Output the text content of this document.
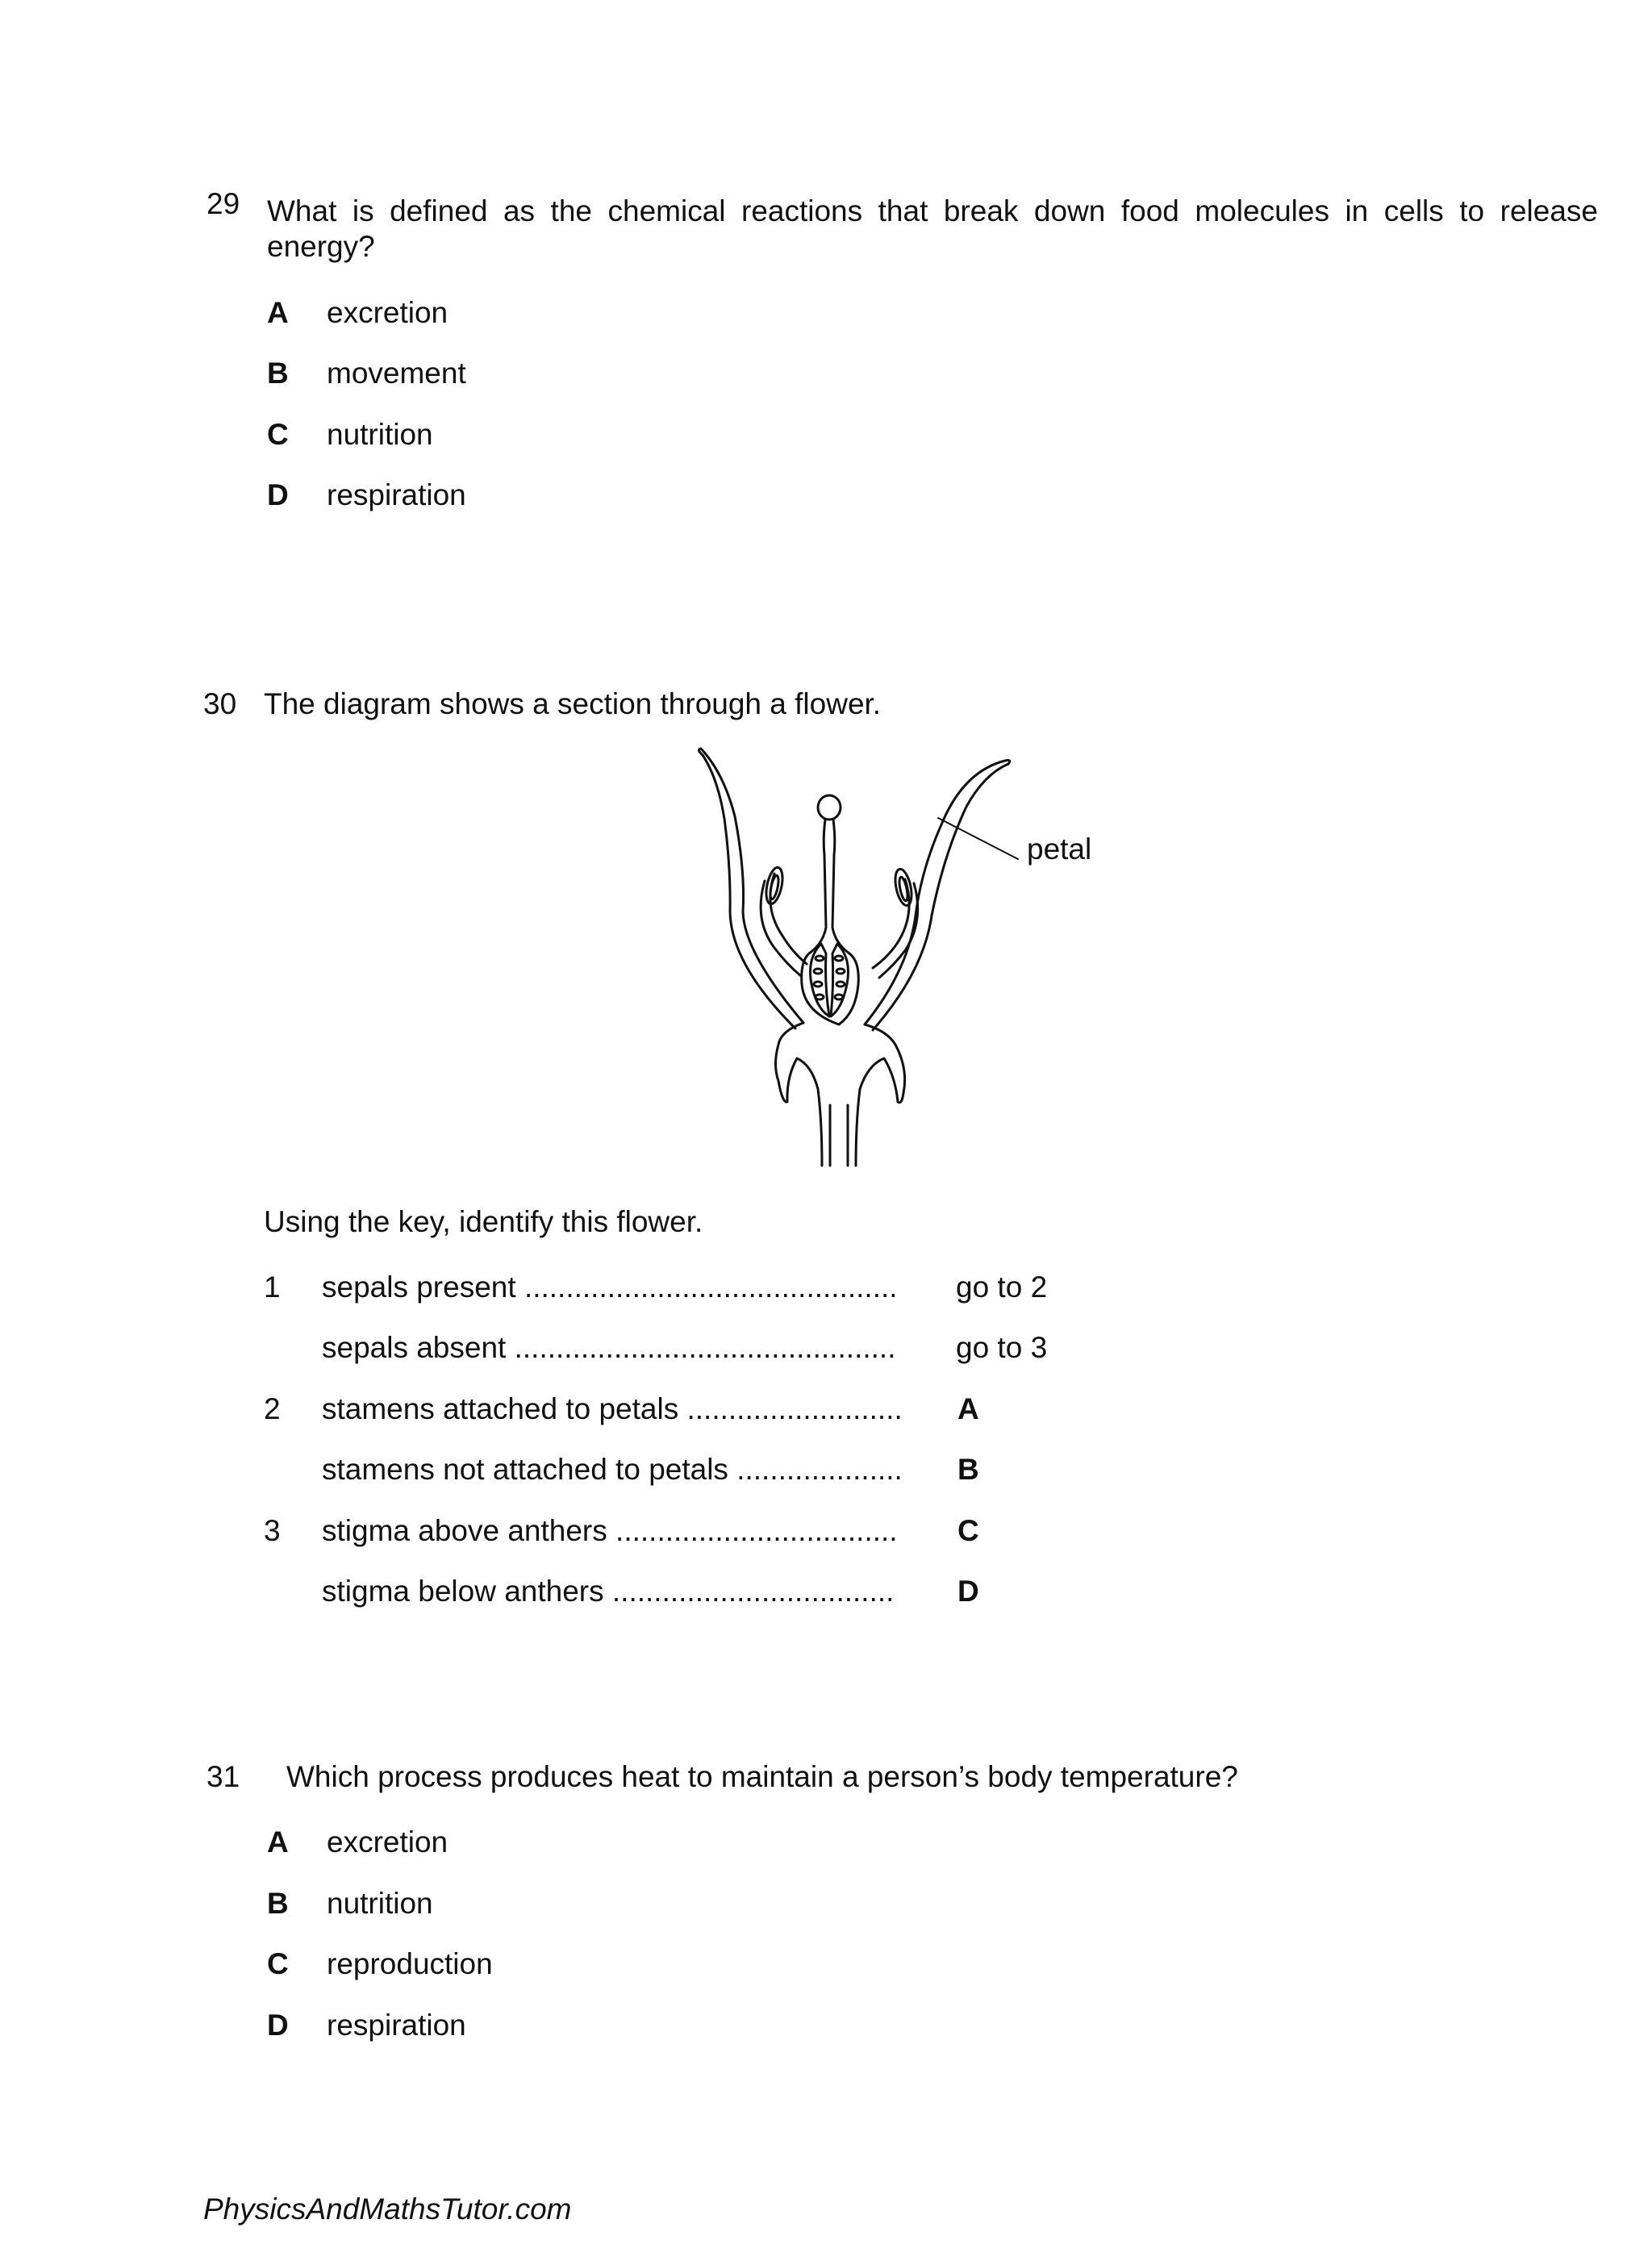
29 What is defined as the chemical reactions that break down food molecules in cells to release energy?
A excretion
B movement
C nutrition
D respiration
30 The diagram shows a section through a flower.
petal
Using the key, identify this flower.
1 sepals present ............................................. go to 2
sepals absent .............................................. go to 3
2 stamens attached to petals .......................... A
stamens not attached to petals .................... B
3 stigma above anthers .................................. C
stigma below anthers .................................. D
31 Which process produces heat to maintain a person’s body temperature?
A excretion
B nutrition
C reproduction
D respiration
PhysicsAndMathsTutor.com
